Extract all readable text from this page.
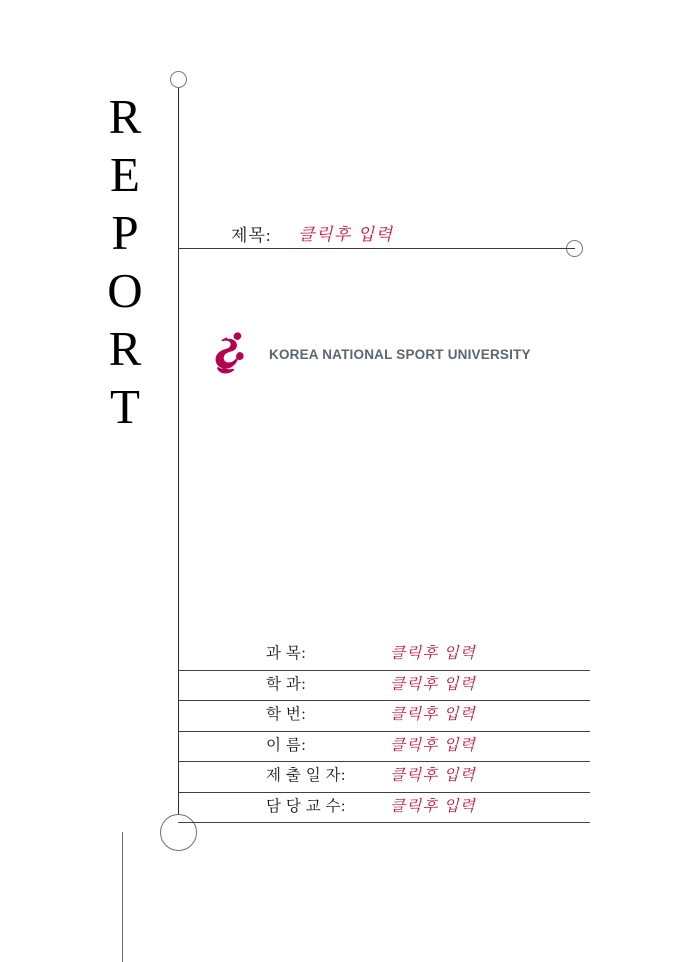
R
E
P
O
R
T
제목: 클릭후 입력
KOREA NATIONAL SPORT UNIVERSITY
과 목:	클릭후 입력
학 과:	클릭후 입력
학 번:	클릭후 입력
이 름:	클릭후 입력
제 출 일 자:	클릭후 입력
담 당 교 수:	클릭후 입력
